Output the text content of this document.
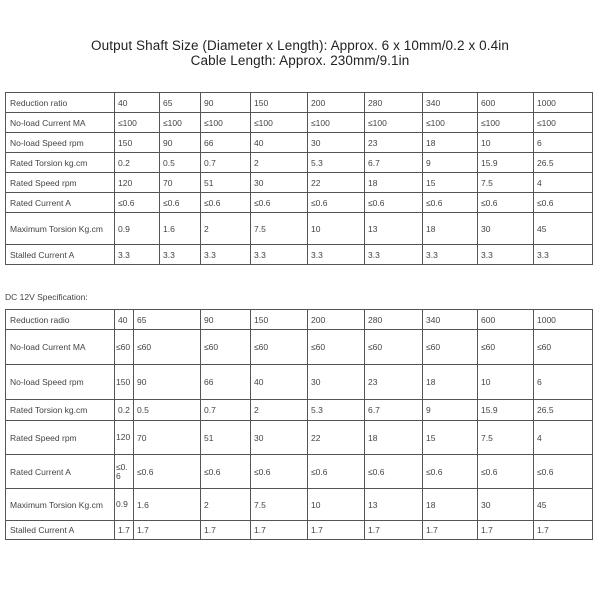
Output Shaft Size (Diameter x Length): Approx. 6 x 10mm/0.2 x 0.4in
Cable Length: Approx. 230mm/9.1in
Reduction ratio	40	65	90	150	200	280	340	600	1000
No-load Current MA	≤100	≤100	≤100	≤100	≤100	≤100	≤100	≤100	≤100
No-load Speed rpm	150	90	66	40	30	23	18	10	6
Rated Torsion kg.cm	0.2	0.5	0.7	2	5.3	6.7	9	15.9	26.5
Rated Speed rpm	120	70	51	30	22	18	15	7.5	4
Rated Current A	≤0.6	≤0.6	≤0.6	≤0.6	≤0.6	≤0.6	≤0.6	≤0.6	≤0.6
Maximum Torsion Kg.cm	0.9	1.6	2	7.5	10	13	18	30	45
Stalled Current A	3.3	3.3	3.3	3.3	3.3	3.3	3.3	3.3	3.3
DC 12V Specification:
Reduction radio	40	65	90	150	200	280	340	600	1000
No-load Current MA	≤60	≤60	≤60	≤60	≤60	≤60	≤60	≤60	≤60
No-load Speed rpm	150	90	66	40	30	23	18	10	6
Rated Torsion kg.cm	0.2	0.5	0.7	2	5.3	6.7	9	15.9	26.5
Rated Speed rpm	120	70	51	30	22	18	15	7.5	4
Rated Current A	≤0.6	≤0.6	≤0.6	≤0.6	≤0.6	≤0.6	≤0.6	≤0.6	≤0.6
Maximum Torsion Kg.cm	0.9	1.6	2	7.5	10	13	18	30	45
Stalled Current A	1.7	1.7	1.7	1.7	1.7	1.7	1.7	1.7	1.7
